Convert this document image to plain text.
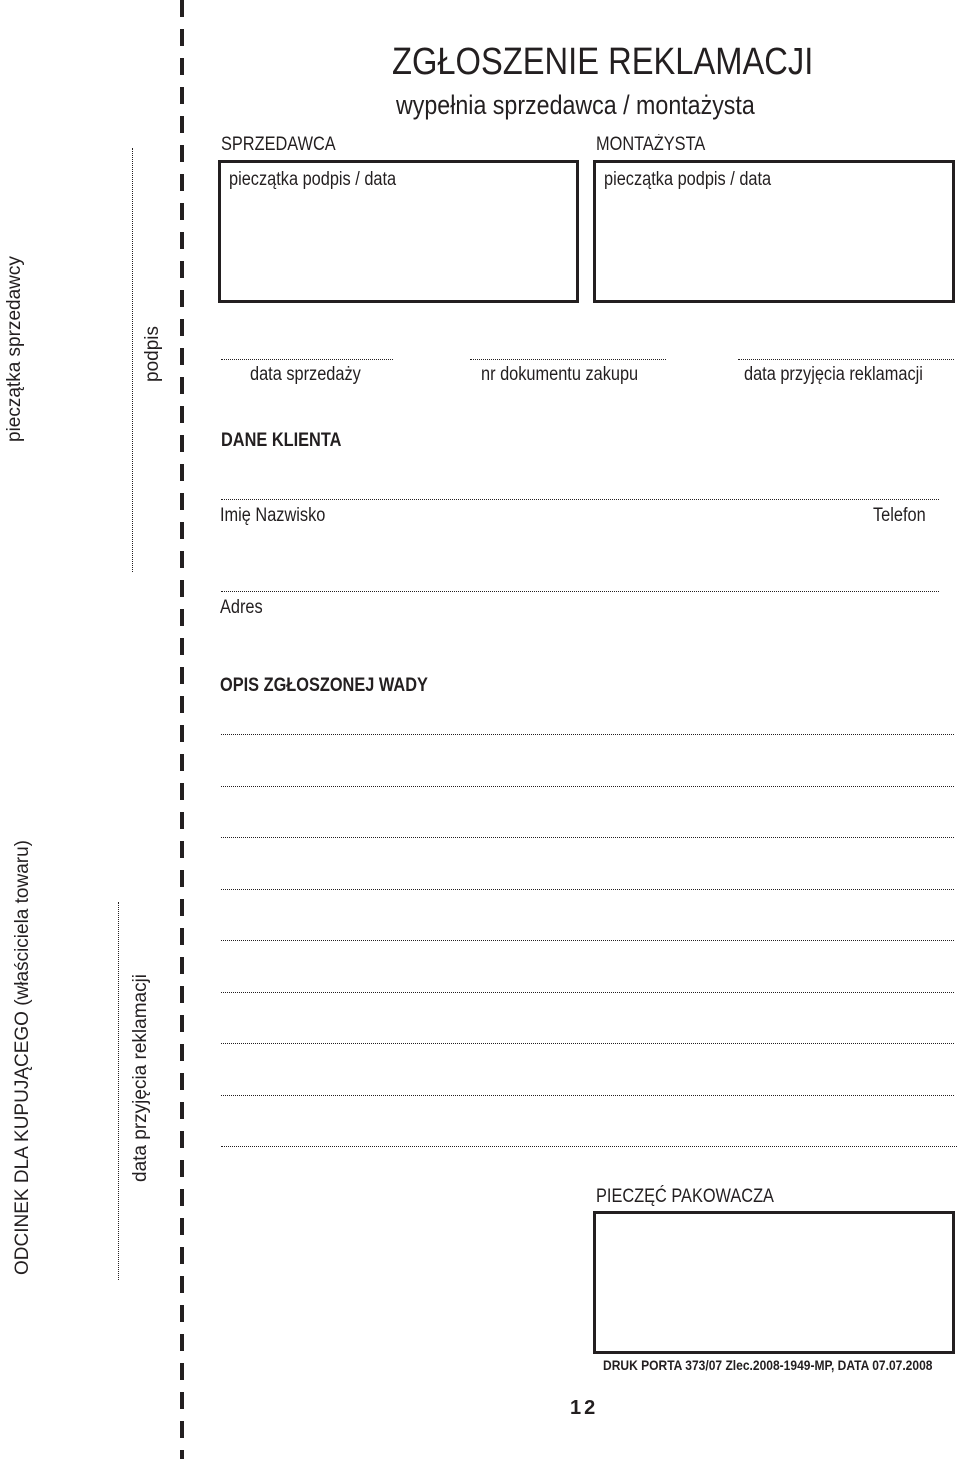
pieczątka sprzedawcy	podpis
ODCINEK DLA KUPUJĄCEGO (właściciela towaru)	data przyjęcia reklamacji
ZGŁOSZENIE REKLAMACJI
wypełnia sprzedawca / montażysta
SPRZEDAWCA
pieczątka podpis / data
MONTAŻYSTA
pieczątka podpis / data
data sprzedaży	nr dokumentu zakupu	data przyjęcia reklamacji
DANE KLIENTA
Imię Nazwisko	Telefon
Adres
OPIS ZGŁOSZONEJ WADY
PIECZĘĆ PAKOWACZA
DRUK PORTA 373/07 Zlec.2008-1949-MP, DATA 07.07.2008
12
